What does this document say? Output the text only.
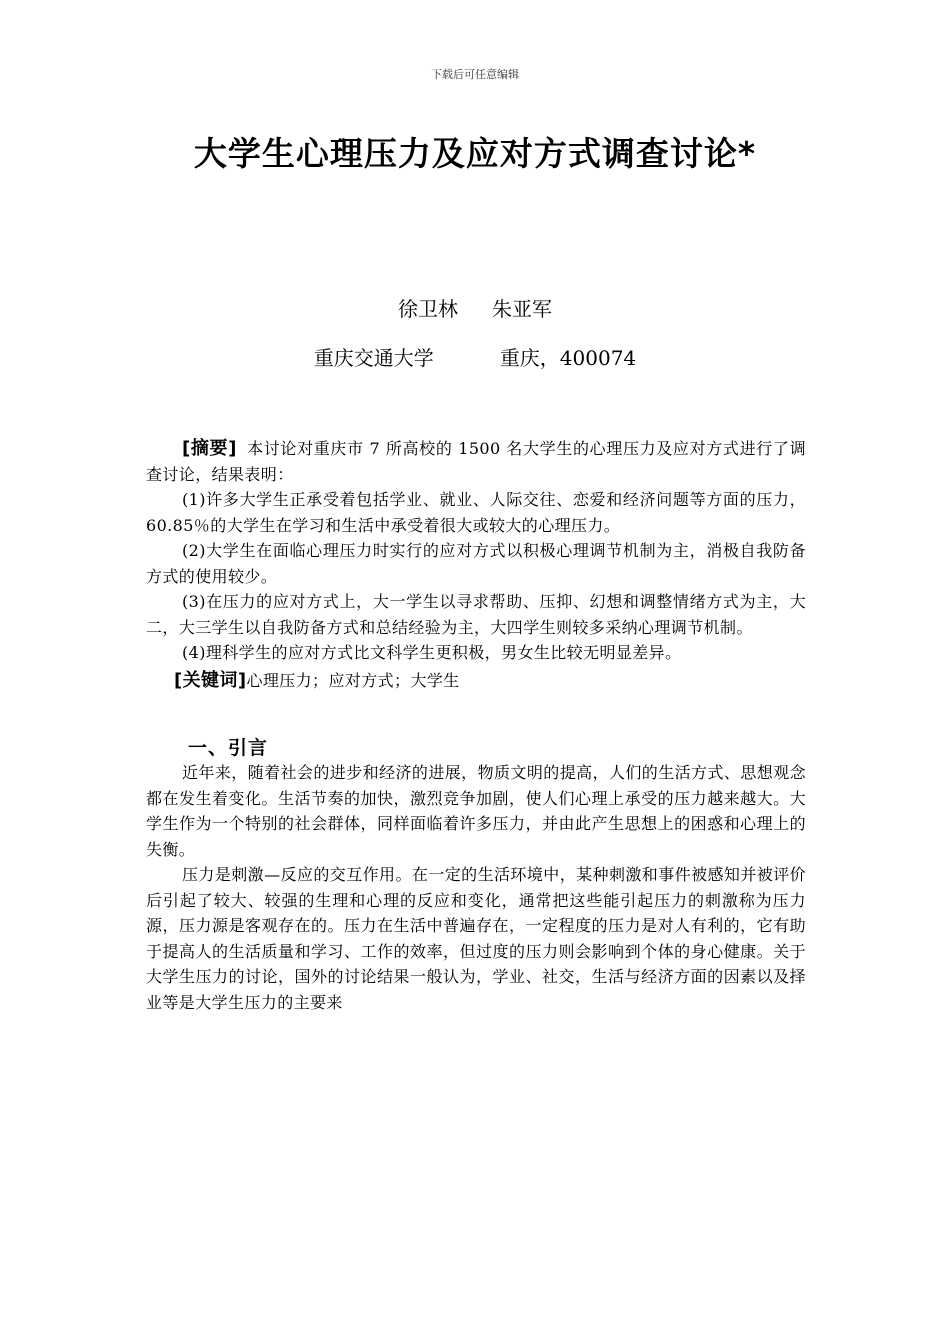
下载后可任意编辑
大学生心理压力及应对方式调查讨论*
徐卫林 朱亚军
重庆交通大学	重庆，400074

[摘要] 本讨论对重庆市 7 所高校的 1500 名大学生的心理压力及应对方式进行了调查讨论，结果表明：

(1)许多大学生正承受着包括学业、就业、人际交往、恋爱和经济问题等方面的压力，60.85％的大学生在学习和生活中承受着很大或较大的心理压力。

(2)大学生在面临心理压力时实行的应对方式以积极心理调节机制为主，消极自我防备方式的使用较少。

(3)在压力的应对方式上，大一学生以寻求帮助、压抑、幻想和调整情绪方式为主，大二，大三学生以自我防备方式和总结经验为主，大四学生则较多采纳心理调节机制。

(4)理科学生的应对方式比文科学生更积极，男女生比较无明显差异。

[关键词]心理压力；应对方式；大学生

一、引言

近年来，随着社会的进步和经济的进展，物质文明的提高，人们的生活方式、思想观念都在发生着变化。生活节奏的加快，激烈竞争加剧，使人们心理上承受的压力越来越大。大学生作为一个特别的社会群体，同样面临着许多压力，并由此产生思想上的困惑和心理上的失衡。

压力是刺激—反应的交互作用。在一定的生活环境中，某种刺激和事件被感知并被评价后引起了较大、较强的生理和心理的反应和变化，通常把这些能引起压力的刺激称为压力源，压力源是客观存在的。压力在生活中普遍存在，一定程度的压力是对人有利的，它有助于提高人的生活质量和学习、工作的效率，但过度的压力则会影响到个体的身心健康。关于大学生压力的讨论，国外的讨论结果一般认为，学业、社交，生活与经济方面的因素以及择业等是大学生压力的主要来
